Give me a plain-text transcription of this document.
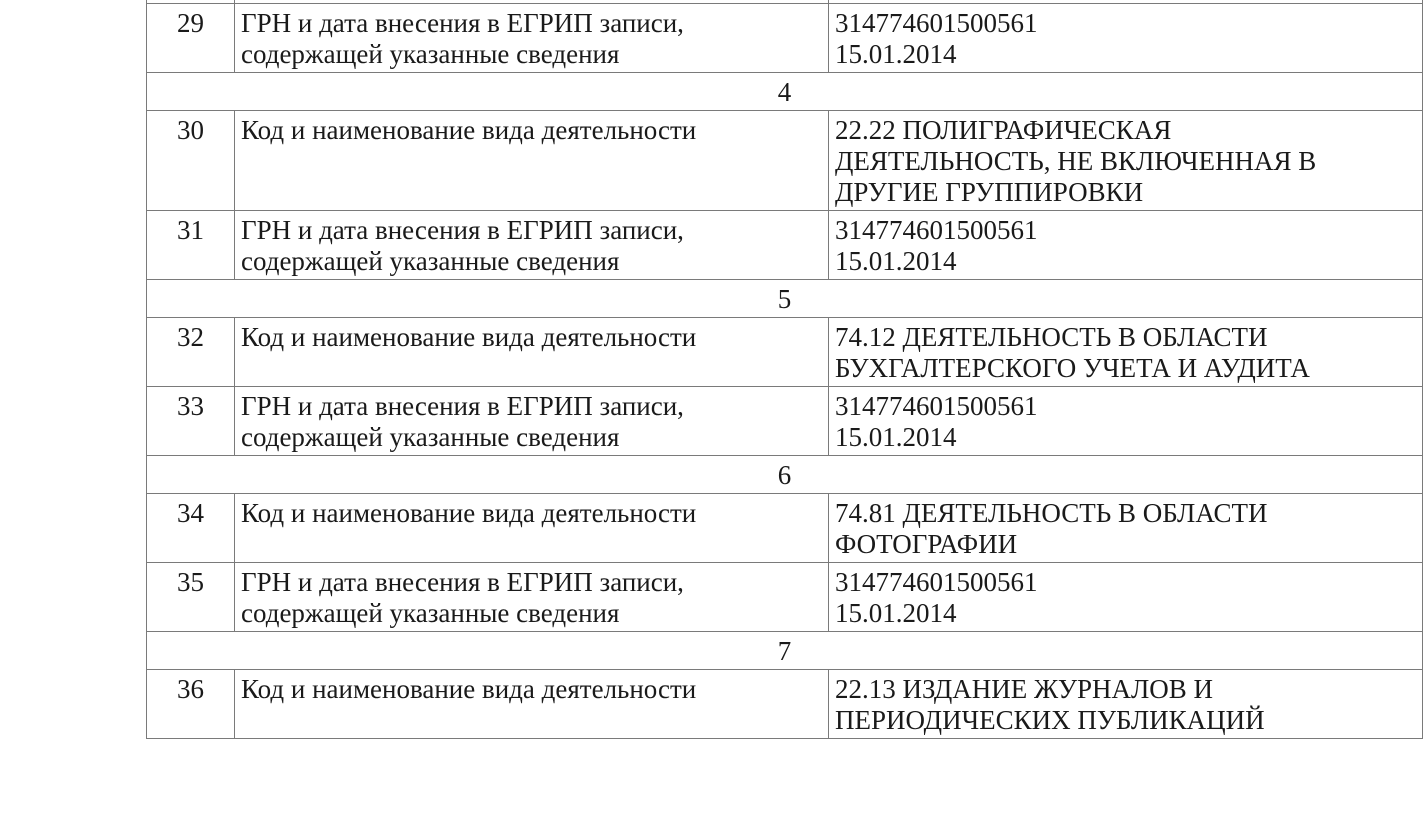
29	ГРН и дата внесения в ЕГРИП записи,
содержащей указанные сведения	314774601500561
15.01.2014

4		
30	Код и наименование вида деятельности	22.22 ПОЛИГРАФИЧЕСКАЯ
ДЕЯТЕЛЬНОСТЬ, НЕ ВКЛЮЧЕННАЯ В
ДРУГИЕ ГРУППИРОВКИ

31	ГРН и дата внесения в ЕГРИП записи,
содержащей указанные сведения	314774601500561
15.01.2014

5		
32	Код и наименование вида деятельности	74.12 ДЕЯТЕЛЬНОСТЬ В ОБЛАСТИ
БУХГАЛТЕРСКОГО УЧЕТА И АУДИТА

33	ГРН и дата внесения в ЕГРИП записи,
содержащей указанные сведения	314774601500561
15.01.2014

6		
34	Код и наименование вида деятельности	74.81 ДЕЯТЕЛЬНОСТЬ В ОБЛАСТИ
ФОТОГРАФИИ

35	ГРН и дата внесения в ЕГРИП записи,
содержащей указанные сведения	314774601500561
15.01.2014

7		
36	Код и наименование вида деятельности	22.13 ИЗДАНИЕ ЖУРНАЛОВ И
ПЕРИОДИЧЕСКИХ ПУБЛИКАЦИЙ
